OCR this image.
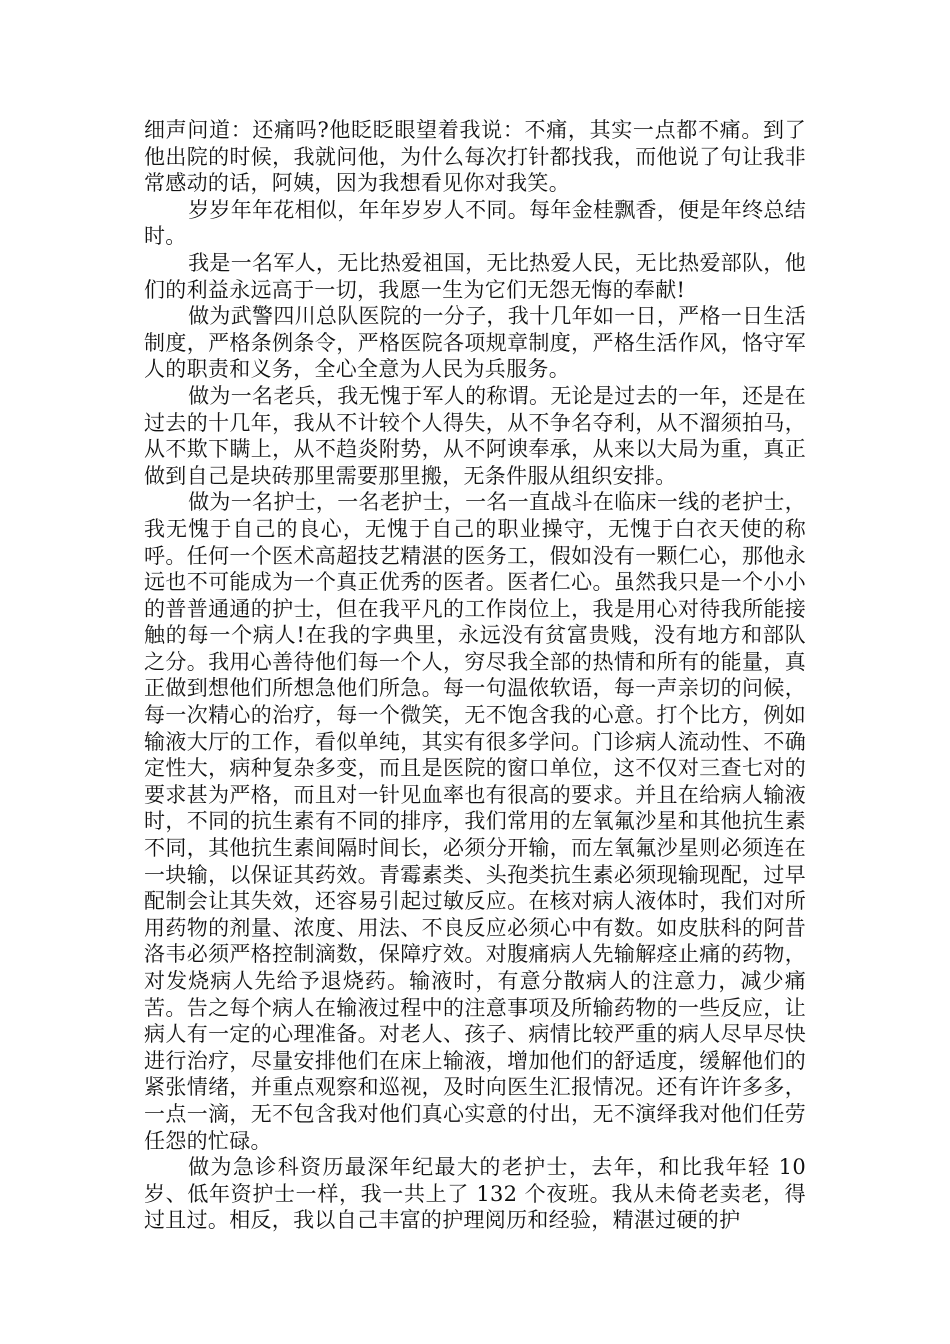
细声问道：还痛吗?他眨眨眼望着我说：不痛，其实一点都不痛。到了他出院的时候，我就问他，为什么每次打针都找我，而他说了句让我非常感动的话，阿姨，因为我想看见你对我笑。

岁岁年年花相似，年年岁岁人不同。每年金桂飘香，便是年终总结时。

我是一名军人，无比热爱祖国，无比热爱人民，无比热爱部队，他们的利益永远高于一切，我愿一生为它们无怨无悔的奉献!

做为武警四川总队医院的一分子，我十几年如一日，严格一日生活制度，严格条例条令，严格医院各项规章制度，严格生活作风，恪守军人的职责和义务，全心全意为人民为兵服务。

做为一名老兵，我无愧于军人的称谓。无论是过去的一年，还是在过去的十几年，我从不计较个人得失，从不争名夺利，从不溜须拍马，从不欺下瞒上，从不趋炎附势，从不阿谀奉承，从来以大局为重，真正做到自己是块砖那里需要那里搬，无条件服从组织安排。

做为一名护士，一名老护士，一名一直战斗在临床一线的老护士，我无愧于自己的良心，无愧于自己的职业操守，无愧于白衣天使的称呼。任何一个医术高超技艺精湛的医务工，假如没有一颗仁心，那他永远也不可能成为一个真正优秀的医者。医者仁心。虽然我只是一个小小的普普通通的护士，但在我平凡的工作岗位上，我是用心对待我所能接触的每一个病人!在我的字典里，永远没有贫富贵贱，没有地方和部队之分。我用心善待他们每一个人，穷尽我全部的热情和所有的能量，真正做到想他们所想急他们所急。每一句温侬软语，每一声亲切的问候，每一次精心的治疗，每一个微笑，无不饱含我的心意。打个比方，例如输液大厅的工作，看似单纯，其实有很多学问。门诊病人流动性、不确定性大，病种复杂多变，而且是医院的窗口单位，这不仅对三查七对的要求甚为严格，而且对一针见血率也有很高的要求。并且在给病人输液时，不同的抗生素有不同的排序，我们常用的左氧氟沙星和其他抗生素不同，其他抗生素间隔时间长，必须分开输，而左氧氟沙星则必须连在一块输，以保证其药效。青霉素类、头孢类抗生素必须现输现配，过早配制会让其失效，还容易引起过敏反应。在核对病人液体时，我们对所用药物的剂量、浓度、用法、不良反应必须心中有数。如皮肤科的阿昔洛韦必须严格控制滴数，保障疗效。对腹痛病人先输解痉止痛的药物，对发烧病人先给予退烧药。输液时，有意分散病人的注意力，减少痛苦。告之每个病人在输液过程中的注意事项及所输药物的一些反应，让病人有一定的心理准备。对老人、孩子、病情比较严重的病人尽早尽快进行治疗，尽量安排他们在床上输液，增加他们的舒适度，缓解他们的紧张情绪，并重点观察和巡视，及时向医生汇报情况。还有许许多多，一点一滴，无不包含我对他们真心实意的付出，无不演绎我对他们任劳任怨的忙碌。

做为急诊科资历最深年纪最大的老护士，去年，和比我年轻 10 岁、低年资护士一样，我一共上了 132 个夜班。我从未倚老卖老，得过且过。相反，我以自己丰富的护理阅历和经验，精湛过硬的护
